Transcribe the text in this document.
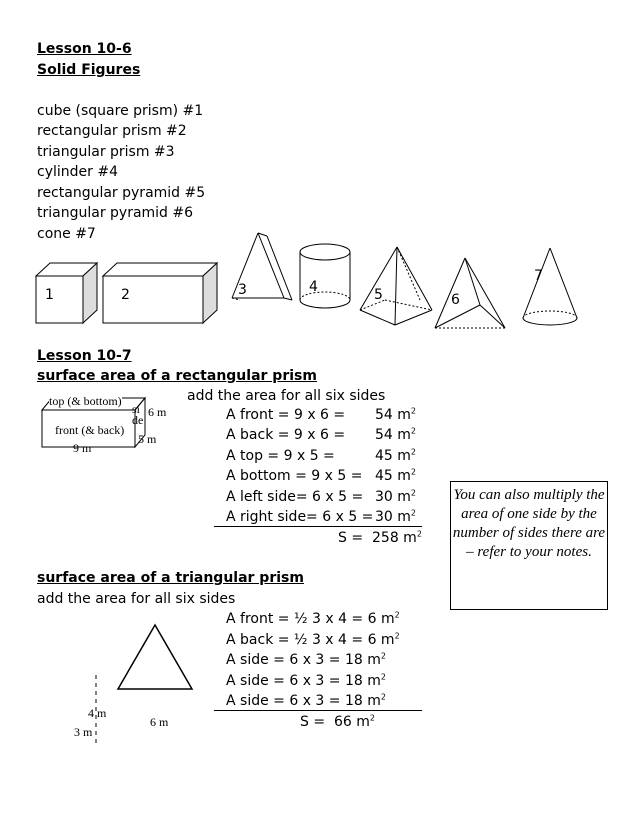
Lesson 10-6
Solid Figures
cube (square prism) #1
rectangular prism #2
triangular prism #3
cylinder #4
rectangular pyramid #5
triangular pyramid #6
cone #7
1	2	3	4	5	6
7
Lesson 10-7
surface area of a rectangular prism
add the area for all six sides
top (& bottom)
front (& back)
si
de
6 m
5 m
9 m
A front = 9 x 6 = 54 $m^2$
A back = 9 x 6 = 54 $m^2$
A top = 9 x 5 =	45 $m^2$
A bottom = 9 x 5 = 45 $m^2$
A left side= 6 x 5 = 30 $m^2$
A right side= 6 x 5 = 30 $m^2$
S = 258 $m^2$
You can also multiply the area of one side by the number of sides there are – refer to your notes.
surface area of a triangular prism
add the area for all six sides
4 m
3 m
6 m
A front = ½ 3 x 4 = 6 $m^2$
A back = ½ 3 x 4 = 6 $m^2$
A side = 6 x 3 = 18 $m^2$
A side = 6 x 3 = 18 $m^2$
A side = 6 x 3 = 18 $m^2$
S = 66 $m^2$
